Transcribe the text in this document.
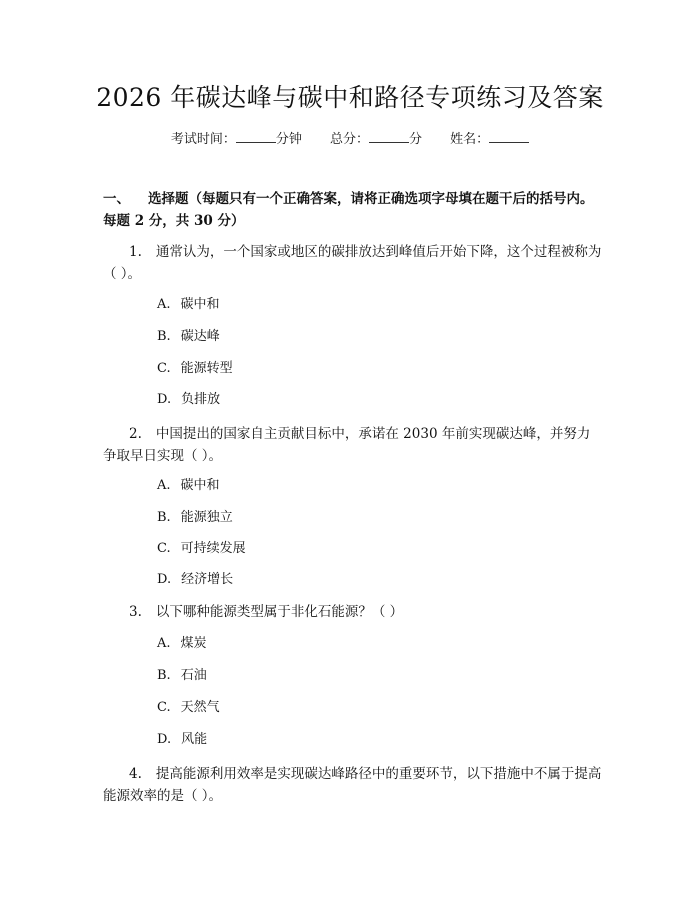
2026 年碳达峰与碳中和路径专项练习及答案
考试时间：	分钟 总分：	分 姓名：
一、 选择题（每题只有一个正确答案，请将正确选项字母填在题干后的括号内。每题 2 分，共 30 分）
1. 通常认为，一个国家或地区的碳排放达到峰值后开始下降，这个过程被称为（ ）。
A. 碳中和
B. 碳达峰
C. 能源转型
D. 负排放
2. 中国提出的国家自主贡献目标中，承诺在 2030 年前实现碳达峰，并努力争取早日实现（ ）。
A. 碳中和
B. 能源独立
C. 可持续发展
D. 经济增长
3. 以下哪种能源类型属于非化石能源？（ ）
A. 煤炭
B. 石油
C. 天然气
D. 风能
4. 提高能源利用效率是实现碳达峰路径中的重要环节，以下措施中不属于提高能源效率的是（ ）。
